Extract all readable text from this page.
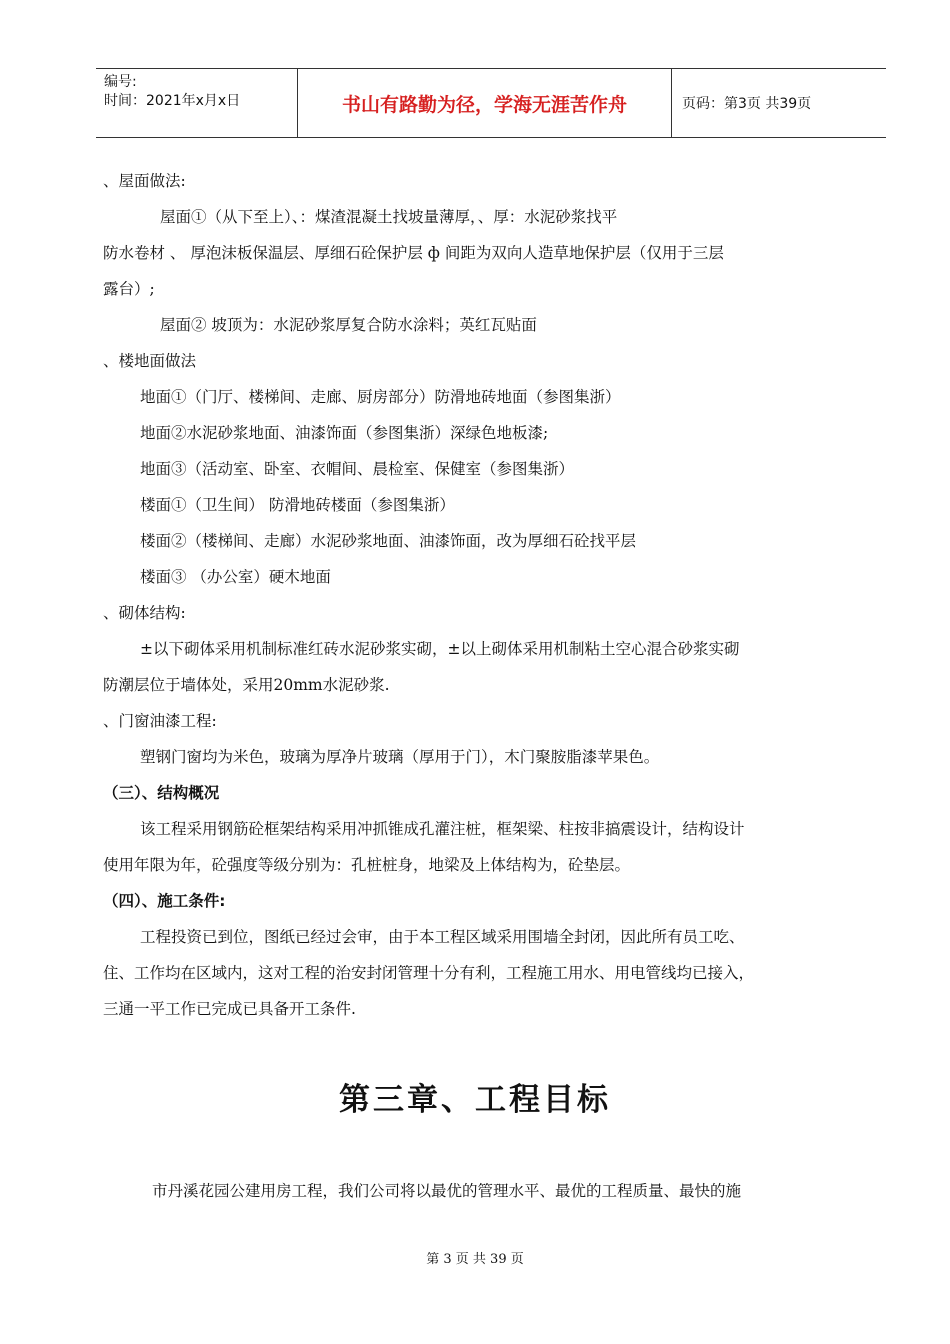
编号:
时间：2021年x月x日	书山有路勤为径，学海无涯苦作舟	页码：第3页 共39页
、屋面做法:
屋面①（从下至上）、：煤渣混凝土找坡量薄厚，、厚：水泥砂浆找平
防水卷材 、 厚泡沫板保温层、厚细石砼保护层 ф 间距为双向人造草地保护层（仅用于三层
露台）;
屋面② 坡顶为：水泥砂浆厚复合防水涂料；英红瓦贴面
、楼地面做法
地面①（门厅、楼梯间、走廊、厨房部分）防滑地砖地面（参图集浙）
地面②水泥砂浆地面、油漆饰面（参图集浙）深绿色地板漆;
地面③（活动室、卧室、衣帽间、晨检室、保健室（参图集浙）
楼面①（卫生间） 防滑地砖楼面（参图集浙）
楼面②（楼梯间、走廊）水泥砂浆地面、油漆饰面，改为厚细石砼找平层
楼面③ （办公室）硬木地面
、砌体结构:
±以下砌体采用机制标准红砖水泥砂浆实砌，±以上砌体采用机制粘土空心混合砂浆实砌
防潮层位于墙体处，采用20mm水泥砂浆.
、门窗油漆工程:
塑钢门窗均为米色，玻璃为厚净片玻璃（厚用于门），木门聚胺脂漆苹果色。
（三）、结构概况
该工程采用钢筋砼框架结构采用冲抓锥成孔灌注桩，框架梁、柱按非搞震设计，结构设计
使用年限为年，砼强度等级分别为：孔桩桩身，地梁及上体结构为，砼垫层。
（四）、施工条件:
工程投资已到位，图纸已经过会审，由于本工程区域采用围墙全封闭，因此所有员工吃、
住、工作均在区域内，这对工程的治安封闭管理十分有利，工程施工用水、用电管线均已接入，
三通一平工作已完成已具备开工条件.
第三章、工程目标
市丹溪花园公建用房工程，我们公司将以最优的管理水平、最优的工程质量、最快的施
第 3 页 共 39 页
